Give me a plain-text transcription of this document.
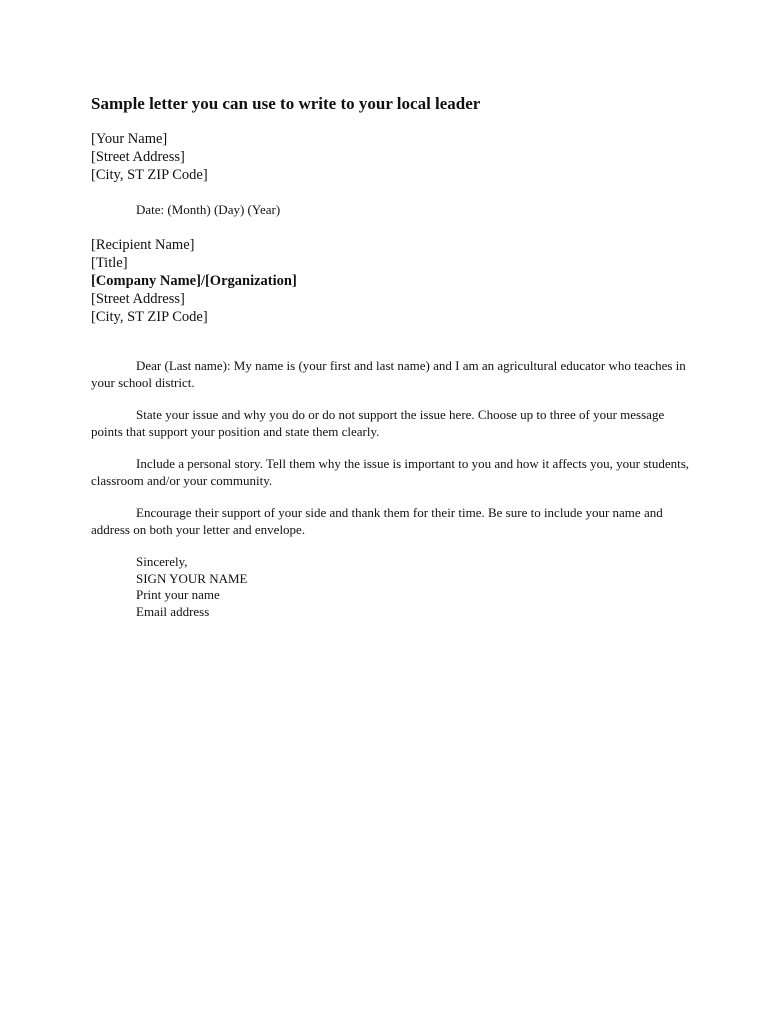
Sample letter you can use to write to your local leader
[Your Name]
[Street Address]
[City, ST ZIP Code]
Date: (Month) (Day) (Year)
[Recipient Name]
[Title]
[Company Name]/[Organization]
[Street Address]
[City, ST ZIP Code]

Dear (Last name): My name is (your first and last name) and I am an agricultural educator who teaches in your school district.

State your issue and why you do or do not support the issue here. Choose up to three of your message points that support your position and state them clearly.

Include a personal story. Tell them why the issue is important to you and how it affects you, your students, classroom and/or your community.

Encourage their support of your side and thank them for their time. Be sure to include your name and address on both your letter and envelope.

Sincerely,
SIGN YOUR NAME
Print your name
Email address
